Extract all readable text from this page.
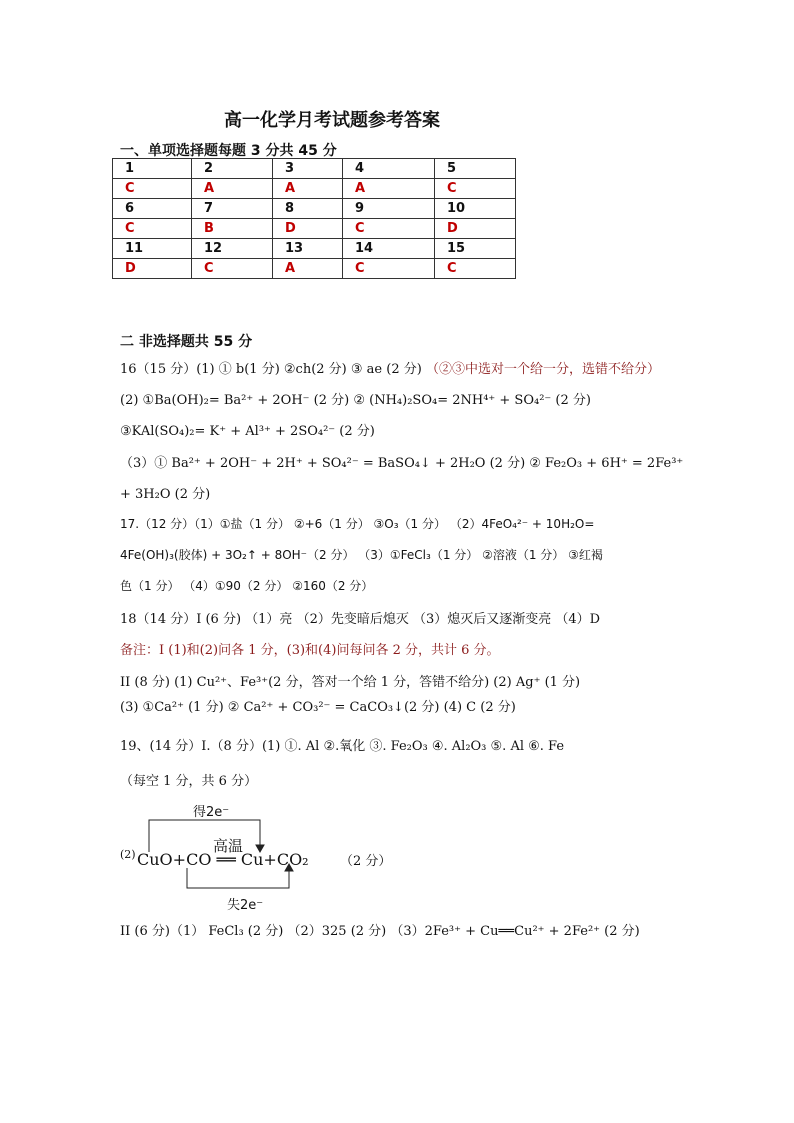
高一化学月考试题参考答案
一、单项选择题每题 3 分共 45 分
1	2	3	4	5
C	A	A	A	C
6	7	8	9	10
C	B	D	C	D
11	12	13	14	15
D	C	A	C	C
二 非选择题共 55 分
16（15 分）(1) ① b(1 分) ②ch(2 分) ③ ae (2 分) （②③中选对一个给一分，选错不给分）
(2) ①Ba(OH)₂= Ba²⁺ + 2OH⁻ (2 分) ② (NH₄)₂SO₄= 2NH⁴⁺ + SO₄²⁻ (2 分)
③KAl(SO₄)₂= K⁺ + Al³⁺ + 2SO₄²⁻ (2 分)
（3）① Ba²⁺ + 2OH⁻ + 2H⁺ + SO₄²⁻ = BaSO₄↓ + 2H₂O (2 分) ② Fe₂O₃ + 6H⁺ = 2Fe³⁺
+ 3H₂O (2 分)
17.（12 分）（1）①盐（1 分） ②+6（1 分） ③O₃（1 分） （2）4FeO₄²⁻ + 10H₂O=
4Fe(OH)₃(胶体) + 3O₂↑ + 8OH⁻（2 分） （3）①FeCl₃（1 分） ②溶液（1 分） ③红褐
色（1 分） （4）①90（2 分） ②160（2 分）
18（14 分）I (6 分) （1）亮 （2）先变暗后熄灭 （3）熄灭后又逐渐变亮 （4）D
备注：I (1)和(2)问各 1 分，(3)和(4)问每问各 2 分，共计 6 分。
II (8 分) (1) Cu²⁺、Fe³⁺(2 分，答对一个给 1 分，答错不给分) (2) Ag⁺ (1 分)
(3) ①Ca²⁺ (1 分) ② Ca²⁺ + CO₃²⁻ = CaCO₃↓(2 分) (4) C (2 分)
19、(14 分）I.（8 分）(1) ①. Al ②.氧化 ③. Fe₂O₃ ④. Al₂O₃ ⑤. Al ⑥. Fe
（每空 1 分，共 6 分）
得2e⁻
高温
(2) CuO+CO ══ Cu+CO₂ （2 分）
失2e⁻
II (6 分)（1） FeCl₃ (2 分) （2）325 (2 分) （3）2Fe³⁺ + Cu══Cu²⁺ + 2Fe²⁺ (2 分)
